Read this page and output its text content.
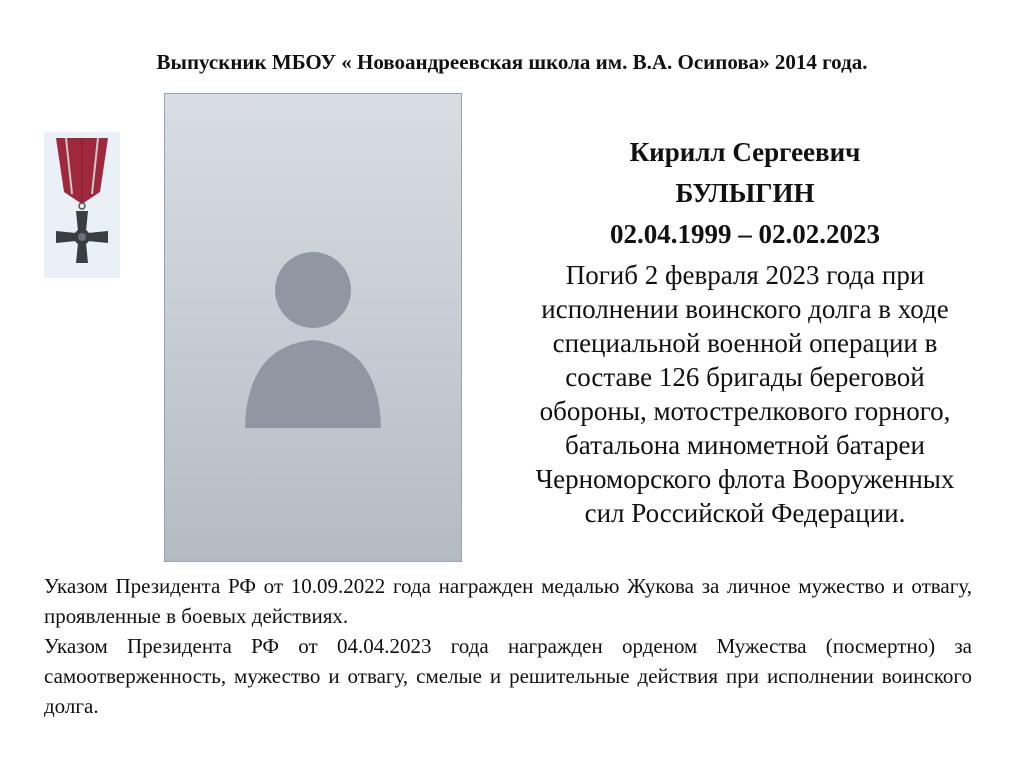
Выпускник МБОУ « Новоандреевская школа им. В.А. Осипова» 2014 года.
Кирилл Сергеевич
БУЛЫГИН
02.04.1999 – 02.02.2023
Погиб 2 февраля 2023 года при
исполнении воинского долга в ходе
специальной военной операции в
составе 126 бригады береговой
обороны, мотострелкового горного,
батальона минометной батареи
Черноморского флота Вооруженных
сил Российской Федерации.

Указом Президента РФ от 10.09.2022 года награжден медалью Жукова за личное мужество и отвагу, проявленные в боевых действиях.

Указом Президента РФ от 04.04.2023 года награжден орденом Мужества (посмертно) за самоотверженность, мужество и отвагу, смелые и решительные действия при исполнении воинского долга.
